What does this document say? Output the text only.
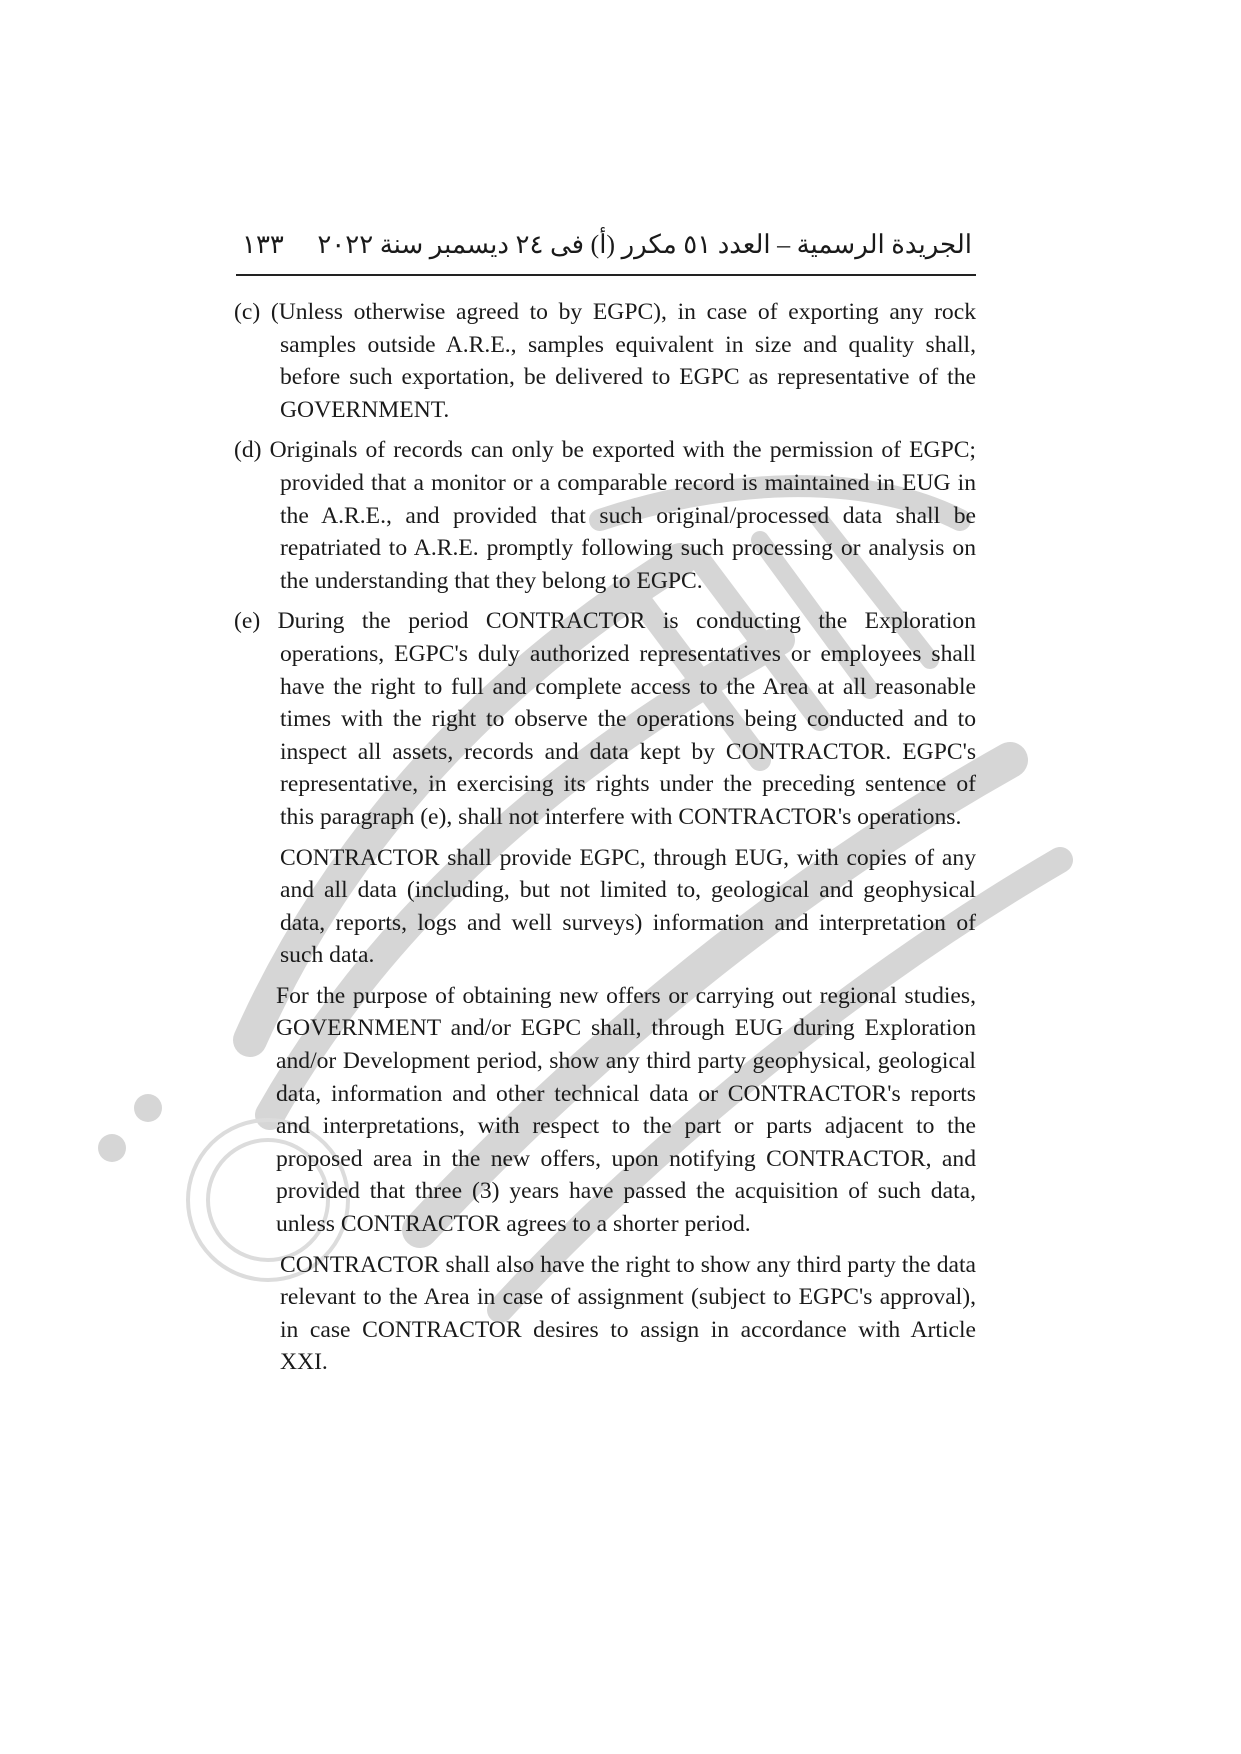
الجريدة الرسمية – العدد ٥١ مكرر (أ) فى ٢٤ ديسمبر سنة ٢٠٢٢
١٣٣

(c) (Unless otherwise agreed to by EGPC), in case of exporting any rock samples outside A.R.E., samples equivalent in size and quality shall, before such exportation, be delivered to EGPC as representative of the GOVERNMENT.

(d) Originals of records can only be exported with the permission of EGPC; provided that a monitor or a comparable record is maintained in EUG in the A.R.E., and provided that such original/processed data shall be repatriated to A.R.E. promptly following such processing or analysis on the understanding that they belong to EGPC.

(e) During the period CONTRACTOR is conducting the Exploration operations, EGPC's duly authorized representatives or employees shall have the right to full and complete access to the Area at all reasonable times with the right to observe the operations being conducted and to inspect all assets, records and data kept by CONTRACTOR. EGPC's representative, in exercising its rights under the preceding sentence of this paragraph (e), shall not interfere with CONTRACTOR's operations.

CONTRACTOR shall provide EGPC, through EUG, with copies of any and all data (including, but not limited to, geological and geophysical data, reports, logs and well surveys) information and interpretation of such data.

For the purpose of obtaining new offers or carrying out regional studies, GOVERNMENT and/or EGPC shall, through EUG during Exploration and/or Development period, show any third party geophysical, geological data, information and other technical data or CONTRACTOR's reports and interpretations, with respect to the part or parts adjacent to the proposed area in the new offers, upon notifying CONTRACTOR, and provided that three (3) years have passed the acquisition of such data, unless CONTRACTOR agrees to a shorter period.

CONTRACTOR shall also have the right to show any third party the data relevant to the Area in case of assignment (subject to EGPC's approval), in case CONTRACTOR desires to assign in accordance with Article XXI.
